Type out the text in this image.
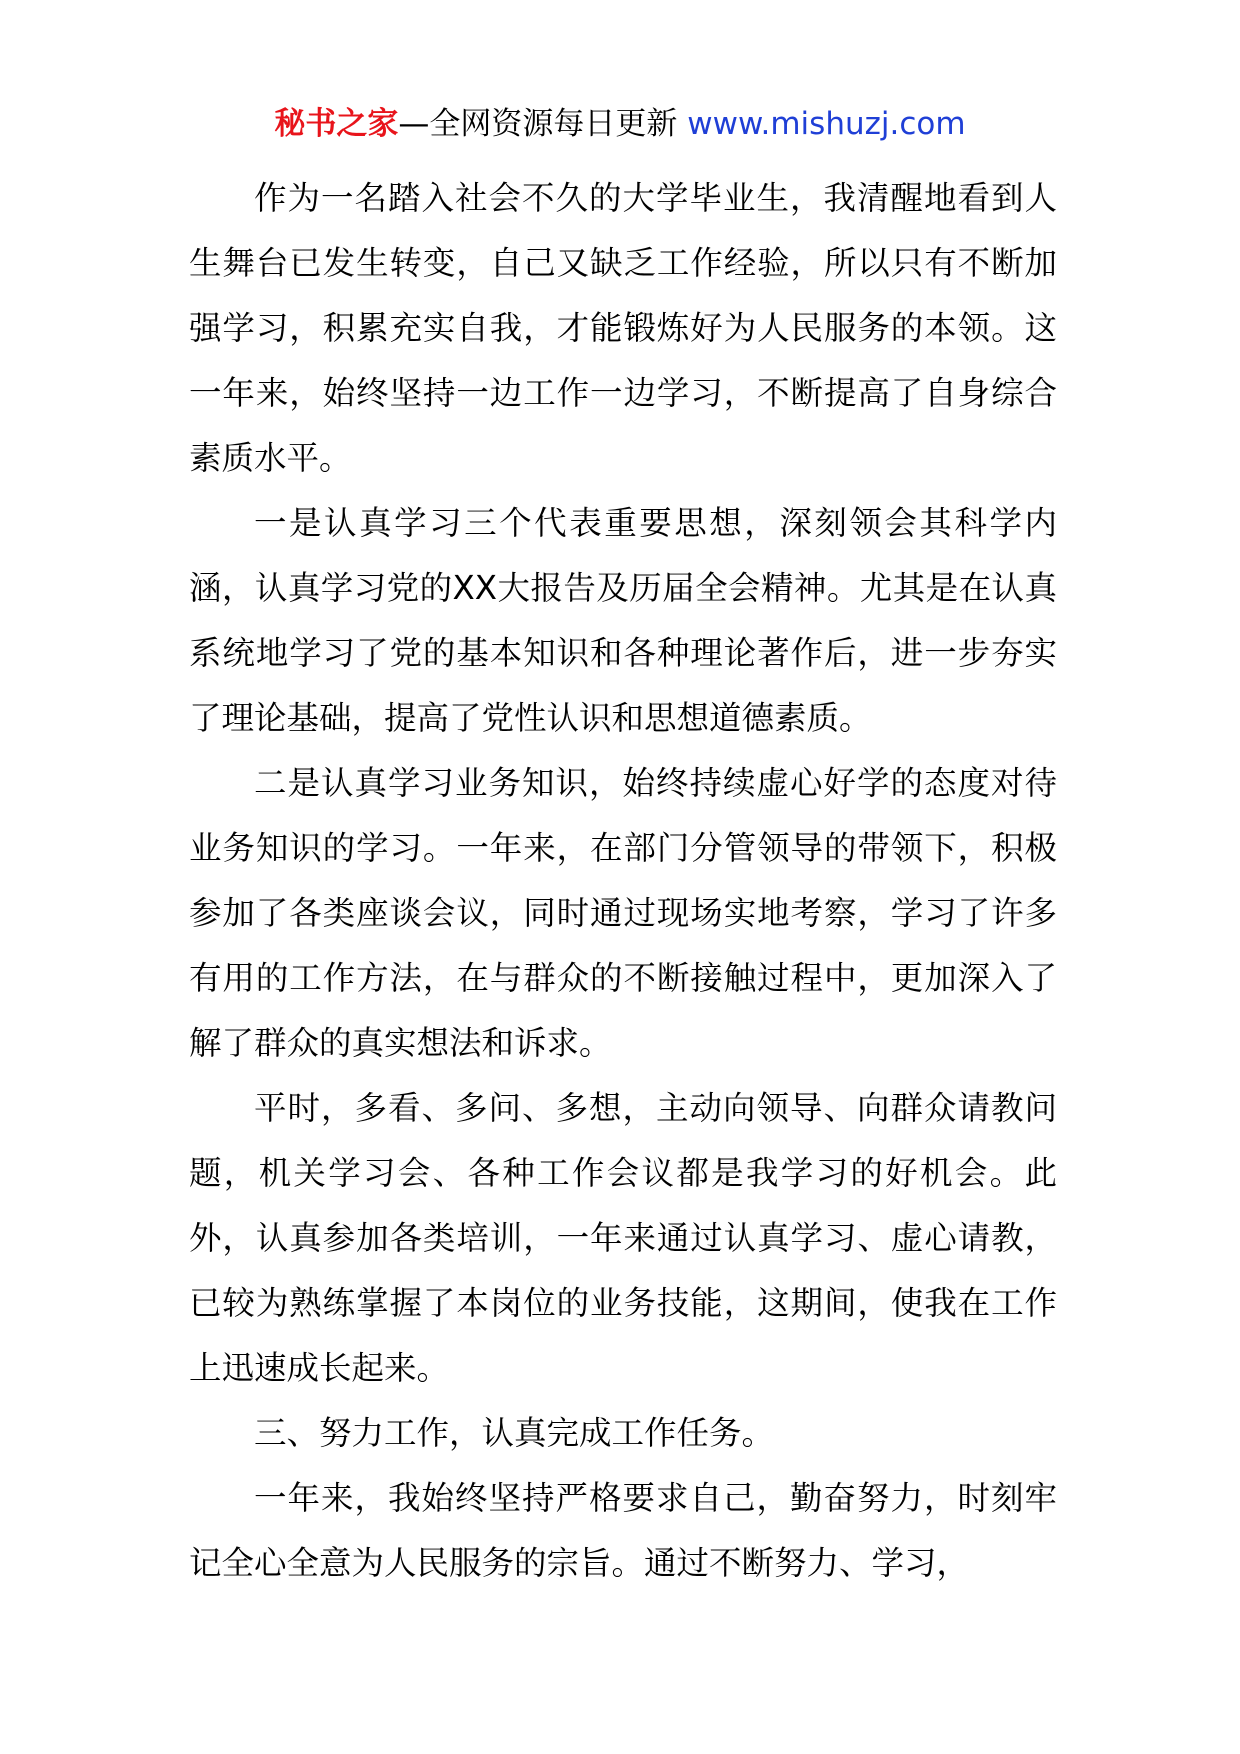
秘书之家—全网资源每日更新 www.mishuzj.com

作为一名踏入社会不久的大学毕业生，我清醒地看到人生舞台已发生转变，自己又缺乏工作经验，所以只有不断加强学习，积累充实自我，才能锻炼好为人民服务的本领。这一年来，始终坚持一边工作一边学习，不断提高了自身综合素质水平。

一是认真学习三个代表重要思想，深刻领会其科学内涵，认真学习党的XX大报告及历届全会精神。尤其是在认真系统地学习了党的基本知识和各种理论著作后，进一步夯实了理论基础，提高了党性认识和思想道德素质。

二是认真学习业务知识，始终持续虚心好学的态度对待业务知识的学习。一年来，在部门分管领导的带领下，积极参加了各类座谈会议，同时通过现场实地考察，学习了许多有用的工作方法，在与群众的不断接触过程中，更加深入了解了群众的真实想法和诉求。

平时，多看、多问、多想，主动向领导、向群众请教问题，机关学习会、各种工作会议都是我学习的好机会。此外，认真参加各类培训，一年来通过认真学习、虚心请教，已较为熟练掌握了本岗位的业务技能，这期间，使我在工作上迅速成长起来。

三、努力工作，认真完成工作任务。

一年来，我始终坚持严格要求自己，勤奋努力，时刻牢记全心全意为人民服务的宗旨。通过不断努力、学习，
